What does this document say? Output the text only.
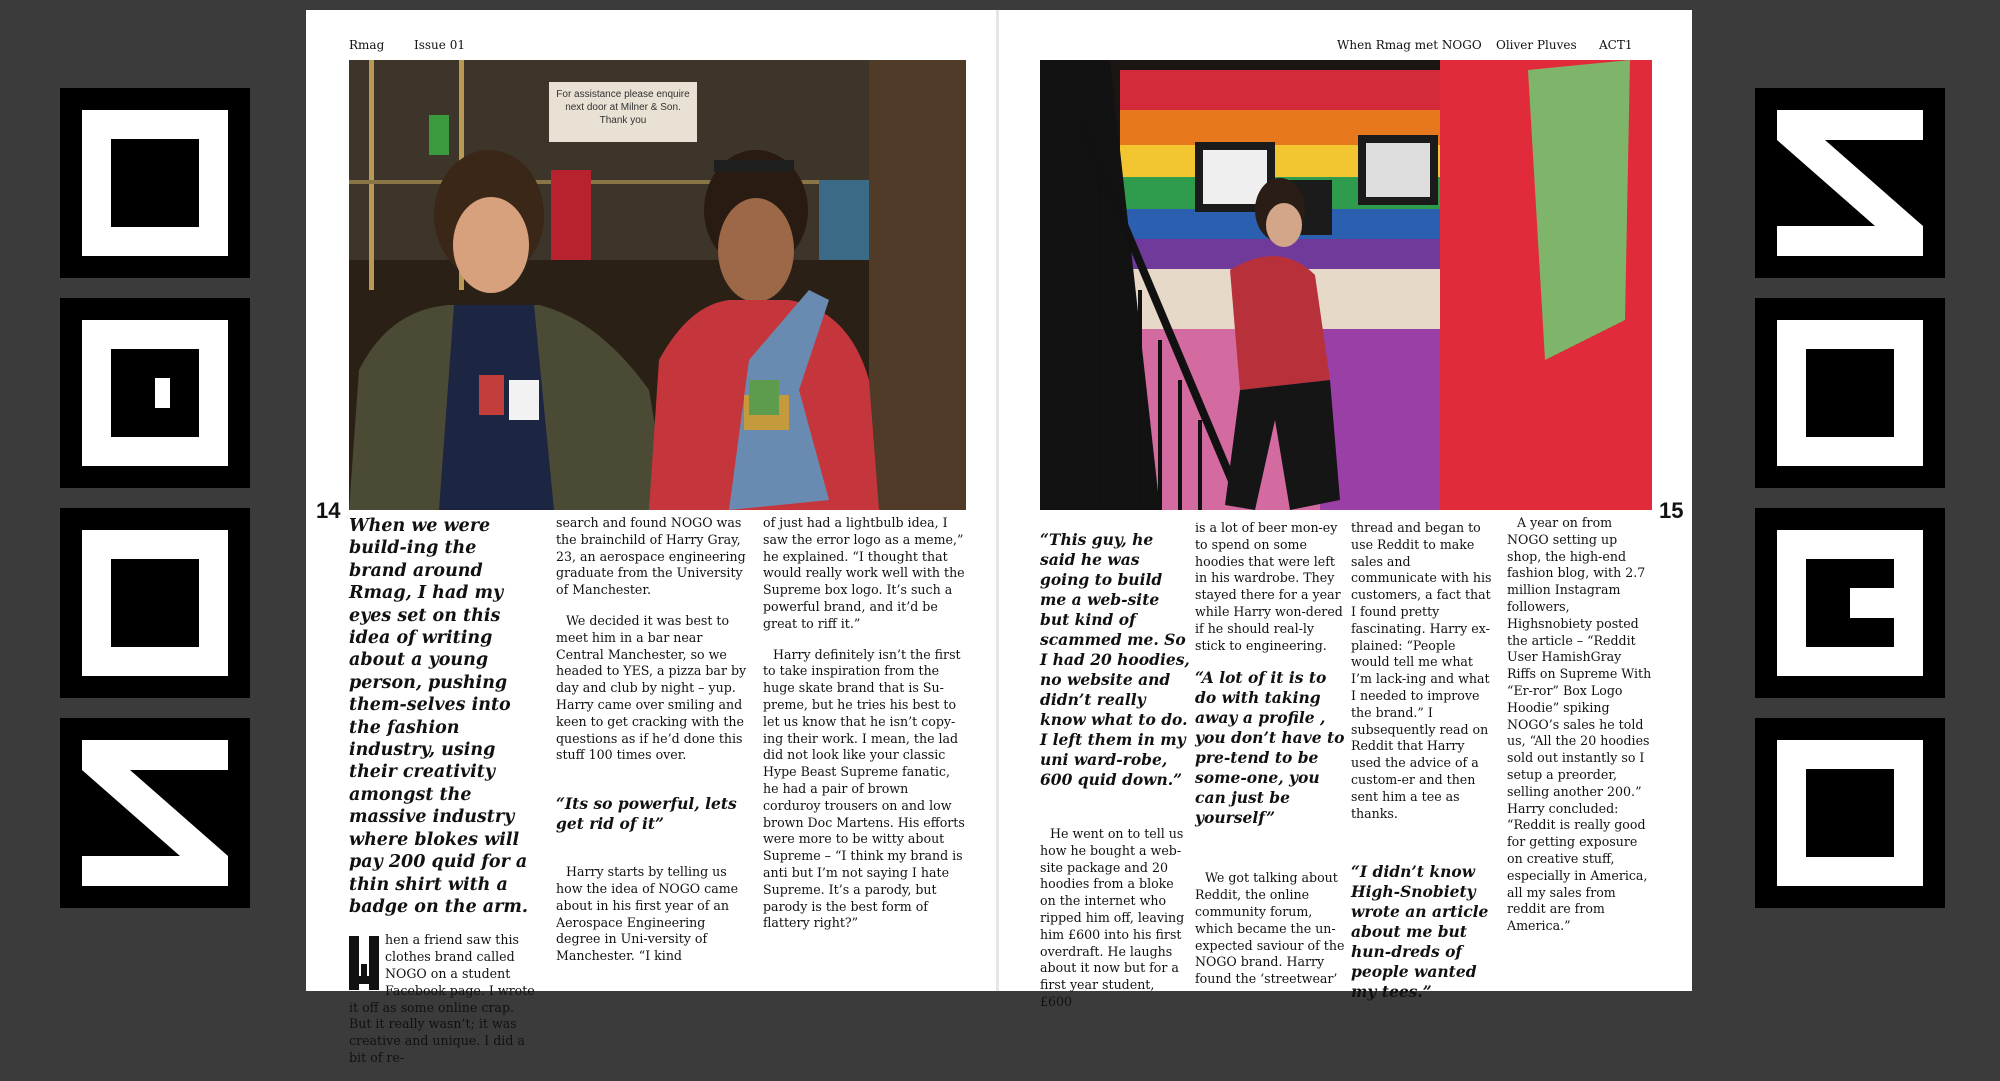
Rmag Issue 01
For assistance please enquire
next door at Milner & Son.
Thank you
14

When we were build-ing the brand around Rmag, I had my eyes set on this idea of writing about a young person, pushing them-selves into the fashion industry, using their creativity amongst the massive industry where blokes will pay 200 quid for a thin shirt with a badge on the arm.

hen a friend saw this clothes brand called NOGO on a student Facebook page. I wrote it off as some online crap. But it really wasn’t; it was creative and unique. I did a bit of re-

search and found NOGO was the brainchild of Harry Gray, 23, an aerospace engineering graduate from the University of Manchester.

We decided it was best to meet him in a bar near Central Manchester, so we headed to YES, a pizza bar by day and club by night – yup. Harry came over smiling and keen to get cracking with the questions as if he’d done this stuff 100 times over.

“Its so powerful, lets get rid of it”

Harry starts by telling us how the idea of NOGO came about in his first year of an Aerospace Engineering degree in Uni-versity of Manchester. “I kind

of just had a lightbulb idea, I saw the error logo as a meme,” he explained. “I thought that would really work well with the Supreme box logo. It’s such a powerful brand, and it’d be great to riff it.”

Harry definitely isn’t the first to take inspiration from the huge skate brand that is Su-preme, but he tries his best to let us know that he isn’t copy-ing their work. I mean, the lad did not look like your classic Hype Beast Supreme fanatic, he had a pair of brown corduroy trousers on and low brown Doc Martens. His efforts were more to be witty about Supreme – “I think my brand is anti but I’m not saying I hate Supreme. It’s a parody, but parody is the best form of flattery right?”

When Rmag met NOGO Oliver Pluves ACT1
15

“This guy, he said he was going to build me a web-site but kind of scammed me. So I had 20 hoodies, no website and didn’t really know what to do. I left them in my uni ward-robe, 600 quid down.”

He went on to tell us how he bought a web-site package and 20 hoodies from a bloke on the internet who ripped him off, leaving him £600 into his first overdraft. He laughs about it now but for a first year student, £600

is a lot of beer mon-ey to spend on some hoodies that were left in his wardrobe. They stayed there for a year while Harry won-dered if he should real-ly stick to engineering.

“A lot of it is to do with taking away a profile , you don’t have to pre-tend to be some-one, you can just be yourself”

We got talking about Reddit, the online community forum, which became the un-expected saviour of the NOGO brand. Harry found the ‘streetwear’

thread and began to use Reddit to make sales and communicate with his customers, a fact that I found pretty fascinating. Harry ex-plained: “People would tell me what I’m lack-ing and what I needed to improve the brand.” I subsequently read on Reddit that Harry used the advice of a custom-er and then sent him a tee as thanks.

“I didn’t know High-Snobiety wrote an article about me but hun-dreds of people wanted my tees.”

A year on from NOGO setting up shop, the high-end fashion blog, with 2.7 million Instagram followers, Highsnobiety posted the article – “Reddit User HamishGray Riffs on Supreme With “Er-ror” Box Logo Hoodie” spiking NOGO’s sales he told us, “All the 20 hoodies sold out instantly so I setup a preorder, selling another 200.” Harry concluded: “Reddit is really good for getting exposure on creative stuff, especially in America, all my sales from reddit are from America.”
